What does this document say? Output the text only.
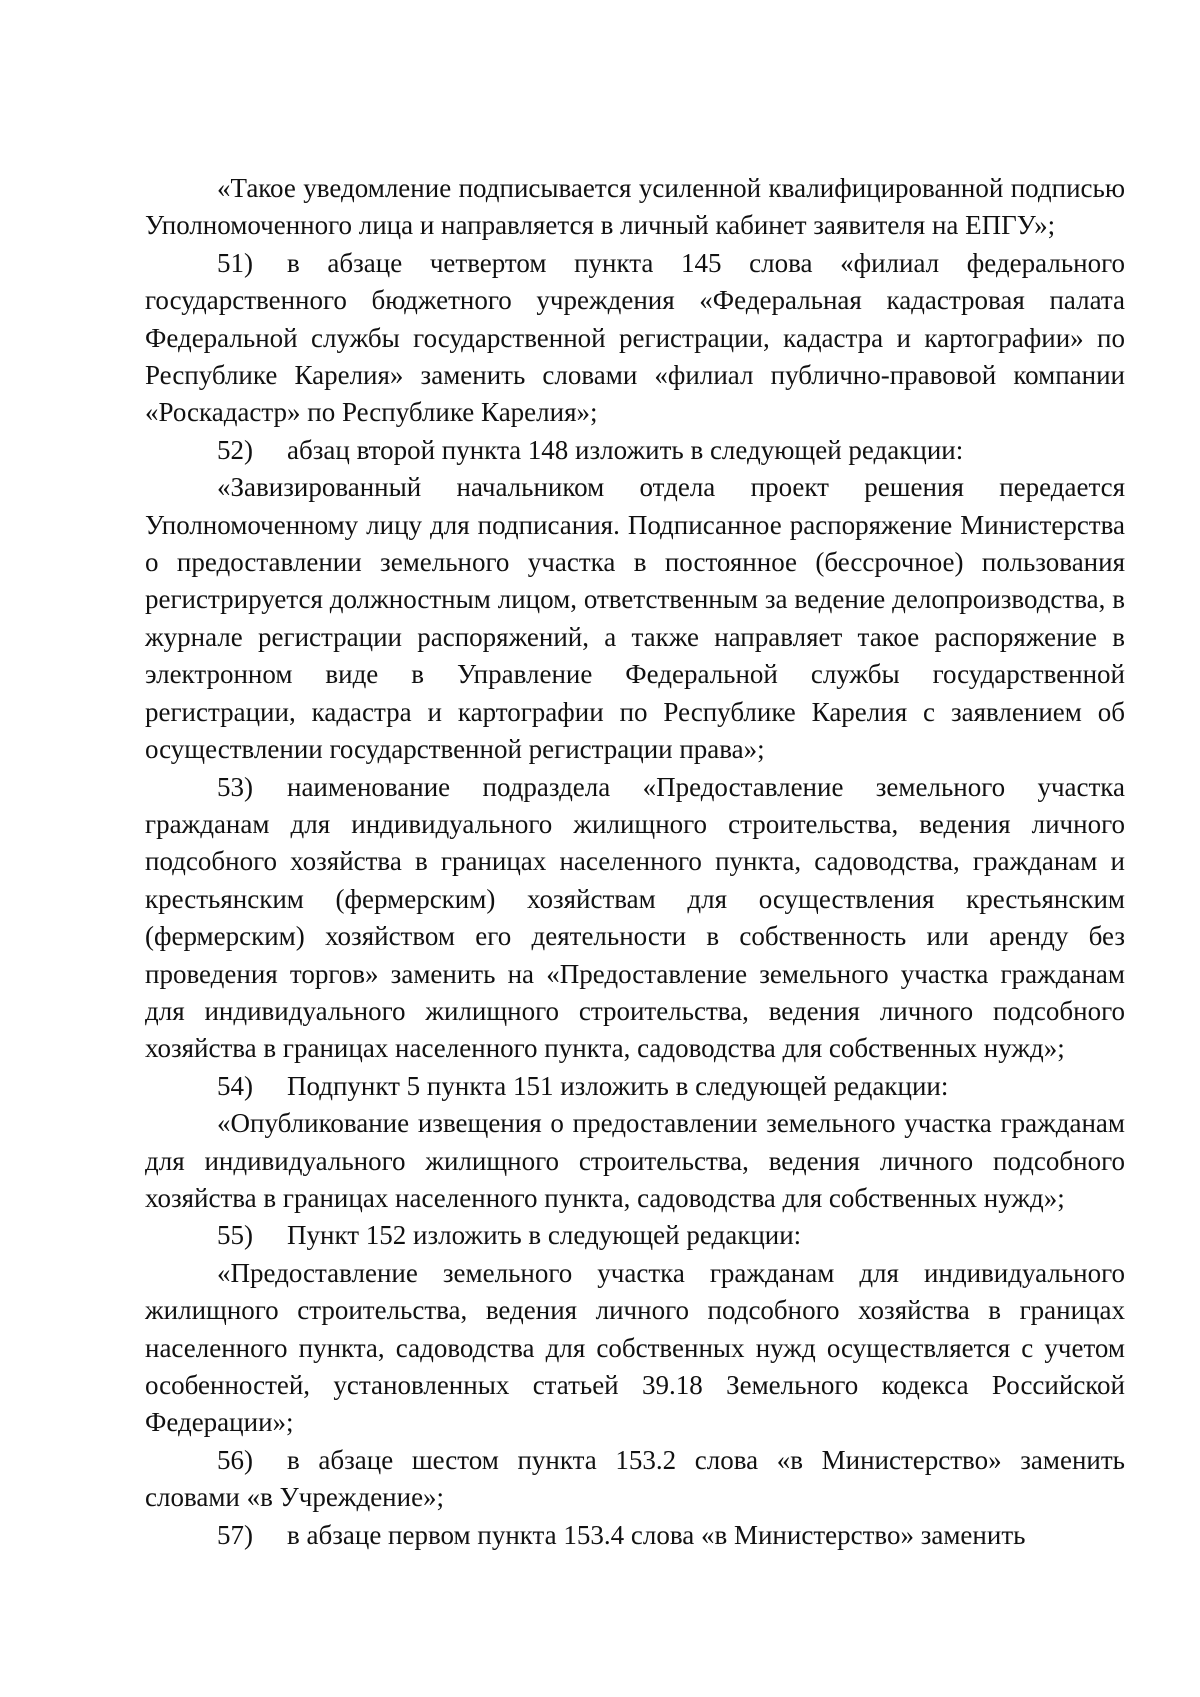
«Такое уведомление подписывается усиленной квалифицированной подписью Уполномоченного лица и направляется в личный кабинет заявителя на ЕПГУ»;

51) в абзаце четвертом пункта 145 слова «филиал федерального государственного бюджетного учреждения «Федеральная кадастровая палата Федеральной службы государственной регистрации, кадастра и картографии» по Республике Карелия» заменить словами «филиал публично-правовой компании «Роскадастр» по Республике Карелия»;

52) абзац второй пункта 148 изложить в следующей редакции:

«Завизированный начальником отдела проект решения передается Уполномоченному лицу для подписания. Подписанное распоряжение Министерства о предоставлении земельного участка в постоянное (бессрочное) пользования регистрируется должностным лицом, ответственным за ведение делопроизводства, в журнале регистрации распоряжений, а также направляет такое распоряжение в электронном виде в Управление Федеральной службы государственной регистрации, кадастра и картографии по Республике Карелия с заявлением об осуществлении государственной регистрации права»;

53) наименование подраздела «Предоставление земельного участка гражданам для индивидуального жилищного строительства, ведения личного подсобного хозяйства в границах населенного пункта, садоводства, гражданам и крестьянским (фермерским) хозяйствам для осуществления крестьянским (фермерским) хозяйством его деятельности в собственность или аренду без проведения торгов» заменить на «Предоставление земельного участка гражданам для индивидуального жилищного строительства, ведения личного подсобного хозяйства в границах населенного пункта, садоводства для собственных нужд»;

54) Подпункт 5 пункта 151 изложить в следующей редакции:

«Опубликование извещения о предоставлении земельного участка гражданам для индивидуального жилищного строительства, ведения личного подсобного хозяйства в границах населенного пункта, садоводства для собственных нужд»;

55) Пункт 152 изложить в следующей редакции:

«Предоставление земельного участка гражданам для индивидуального жилищного строительства, ведения личного подсобного хозяйства в границах населенного пункта, садоводства для собственных нужд осуществляется с учетом особенностей, установленных статьей 39.18 Земельного кодекса Российской Федерации»;

56) в абзаце шестом пункта 153.2 слова «в Министерство» заменить словами «в Учреждение»;

57) в абзаце первом пункта 153.4 слова «в Министерство» заменить
